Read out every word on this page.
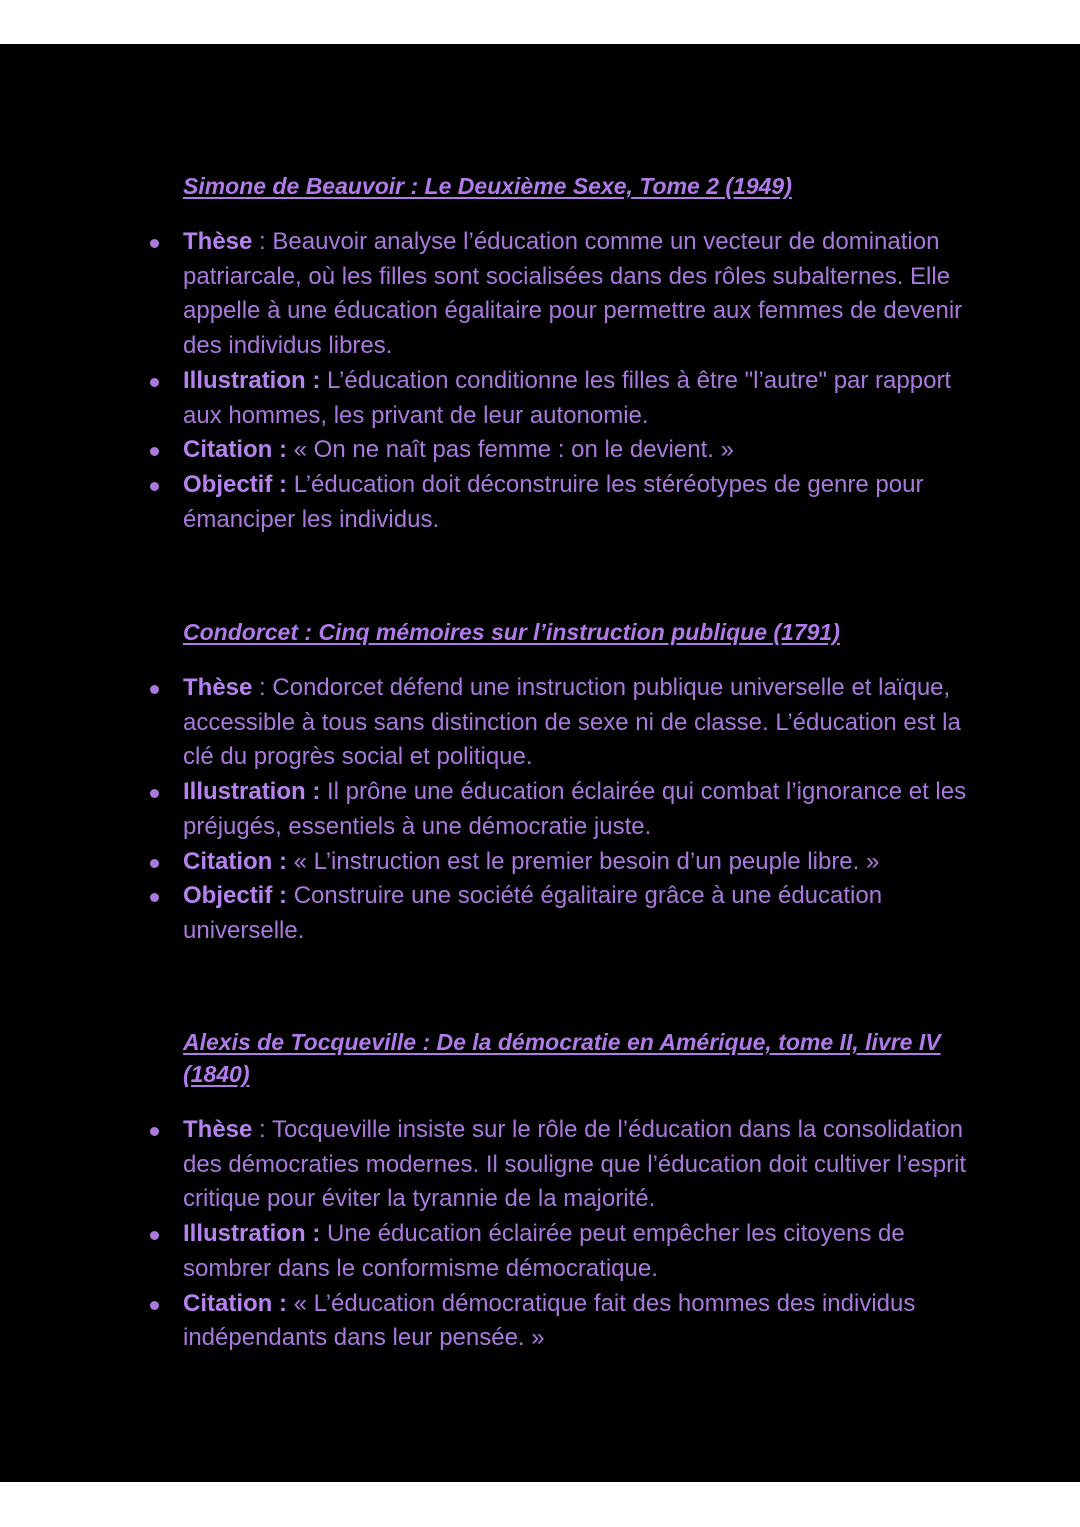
Simone de Beauvoir : Le Deuxième Sexe, Tome 2 (1949)
Thèse : Beauvoir analyse l’éducation comme un vecteur de domination patriarcale, où les filles sont socialisées dans des rôles subalternes. Elle appelle à une éducation égalitaire pour permettre aux femmes de devenir des individus libres.
Illustration : L’éducation conditionne les filles à être "l’autre" par rapport aux hommes, les privant de leur autonomie.
Citation : « On ne naît pas femme : on le devient. »
Objectif : L’éducation doit déconstruire les stéréotypes de genre pour émanciper les individus.
Condorcet : Cinq mémoires sur l’instruction publique (1791)
Thèse : Condorcet défend une instruction publique universelle et laïque, accessible à tous sans distinction de sexe ni de classe. L’éducation est la clé du progrès social et politique.
Illustration : Il prône une éducation éclairée qui combat l’ignorance et les préjugés, essentiels à une démocratie juste.
Citation : « L’instruction est le premier besoin d’un peuple libre. »
Objectif : Construire une société égalitaire grâce à une éducation universelle.
Alexis de Tocqueville : De la démocratie en Amérique, tome II, livre IV (1840)
Thèse : Tocqueville insiste sur le rôle de l’éducation dans la consolidation des démocraties modernes. Il souligne que l’éducation doit cultiver l’esprit critique pour éviter la tyrannie de la majorité.
Illustration : Une éducation éclairée peut empêcher les citoyens de sombrer dans le conformisme démocratique.
Citation : « L’éducation démocratique fait des hommes des individus indépendants dans leur pensée. »
